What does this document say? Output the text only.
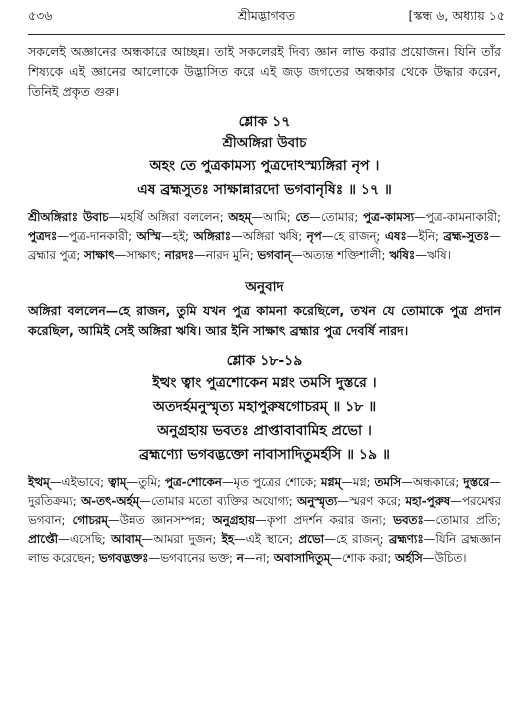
৫৩৬	শ্রীমদ্ভাগবত	[স্কন্ধ ৬, অধ্যায় ১৫

সকলেই অজ্ঞানের অন্ধকারে আচ্ছন্ন। তাই সকলেরই দিব্য জ্ঞান লাভ করার প্রয়োজন। যিনি তাঁর শিষ্যকে এই জ্ঞানের আলোকে উদ্ভাসিত করে এই জড় জগতের অন্ধকার থেকে উদ্ধার করেন, তিনিই প্রকৃত গুরু।

শ্লোক ১৭
শ্রীঅঙ্গিরা উবাচ
অহং তে পুত্রকামস্য পুত্রদোঽস্ম্যঙ্গিরা নৃপ ।
এষ ব্রহ্মসুতঃ সাক্ষান্নারদো ভগবানৃষিঃ ॥ ১৭ ॥

শ্রীঅঙ্গিরাঃ উবাচ—মহর্ষি অঙ্গিরা বললেন; অহম্—আমি; তে—তোমার; পুত্র-কামস্য—পুত্র-কামনাকারী; পুত্রদঃ—পুত্র-দানকারী; অস্মি—হই; অঙ্গিরাঃ—অঙ্গিরা ঋষি; নৃপ—হে রাজন্; এষঃ—ইনি; ব্রহ্ম-সুতঃ—ব্রহ্মার পুত্র; সাক্ষাৎ—সাক্ষাৎ; নারদঃ—নারদ মুনি; ভগবান্—অত্যন্ত শক্তিশালী; ঋষিঃ—ঋষি।

অনুবাদ

অঙ্গিরা বললেন—হে রাজন, তুমি যখন পুত্র কামনা করেছিলে, তখন যে তোমাকে পুত্র প্রদান করেছিল, আমিই সেই অঙ্গিরা ঋষি। আর ইনি সাক্ষাৎ ব্রহ্মার পুত্র দেবর্ষি নারদ।

শ্লোক ১৮-১৯
ইত্থং ত্বাং পুত্রশোকেন মগ্নং তমসি দুস্তরে ।
অতদর্হমনুস্মৃত্য মহাপুরুষগোচরম্ ॥ ১৮ ॥
অনুগ্রহায় ভবতঃ প্রাপ্তাবাবামিহ প্রভো ।
ব্রহ্মণ্যো ভগবদ্ভক্তো নাবাসাদিতুমর্হসি ॥ ১৯ ॥

ইত্থম্—এইভাবে; ত্বাম্—তুমি; পুত্র-শোকেন—মৃত পুত্রের শোকে; মগ্নম্—মগ্ন; তমসি—অন্ধকারে; দুস্তরে—দুরতিক্রম্য; অ-তৎ-অর্হম্—তোমার মতো ব্যক্তির অযোগ্য; অনুস্মৃত্য—স্মরণ করে; মহা-পুরুষ—পরমেশ্বর ভগবান; গোচরম্—উন্নত জ্ঞানসম্পন্ন; অনুগ্রহায়—কৃপা প্রদর্শন করার জন্য; ভবতঃ—তোমার প্রতি; প্রাপ্তৌ—এসেছি; আবাম্—আমরা দুজন; ইহ—এই স্থানে; প্রভো—হে রাজন্; ব্রহ্মণ্যঃ—যিনি ব্রহ্মজ্ঞান লাভ করেছেন; ভগবদ্ভক্তঃ—ভগবানের ভক্ত; ন—না; অবাসাদিতুম্—শোক করা; অর্হসি—উচিত।
